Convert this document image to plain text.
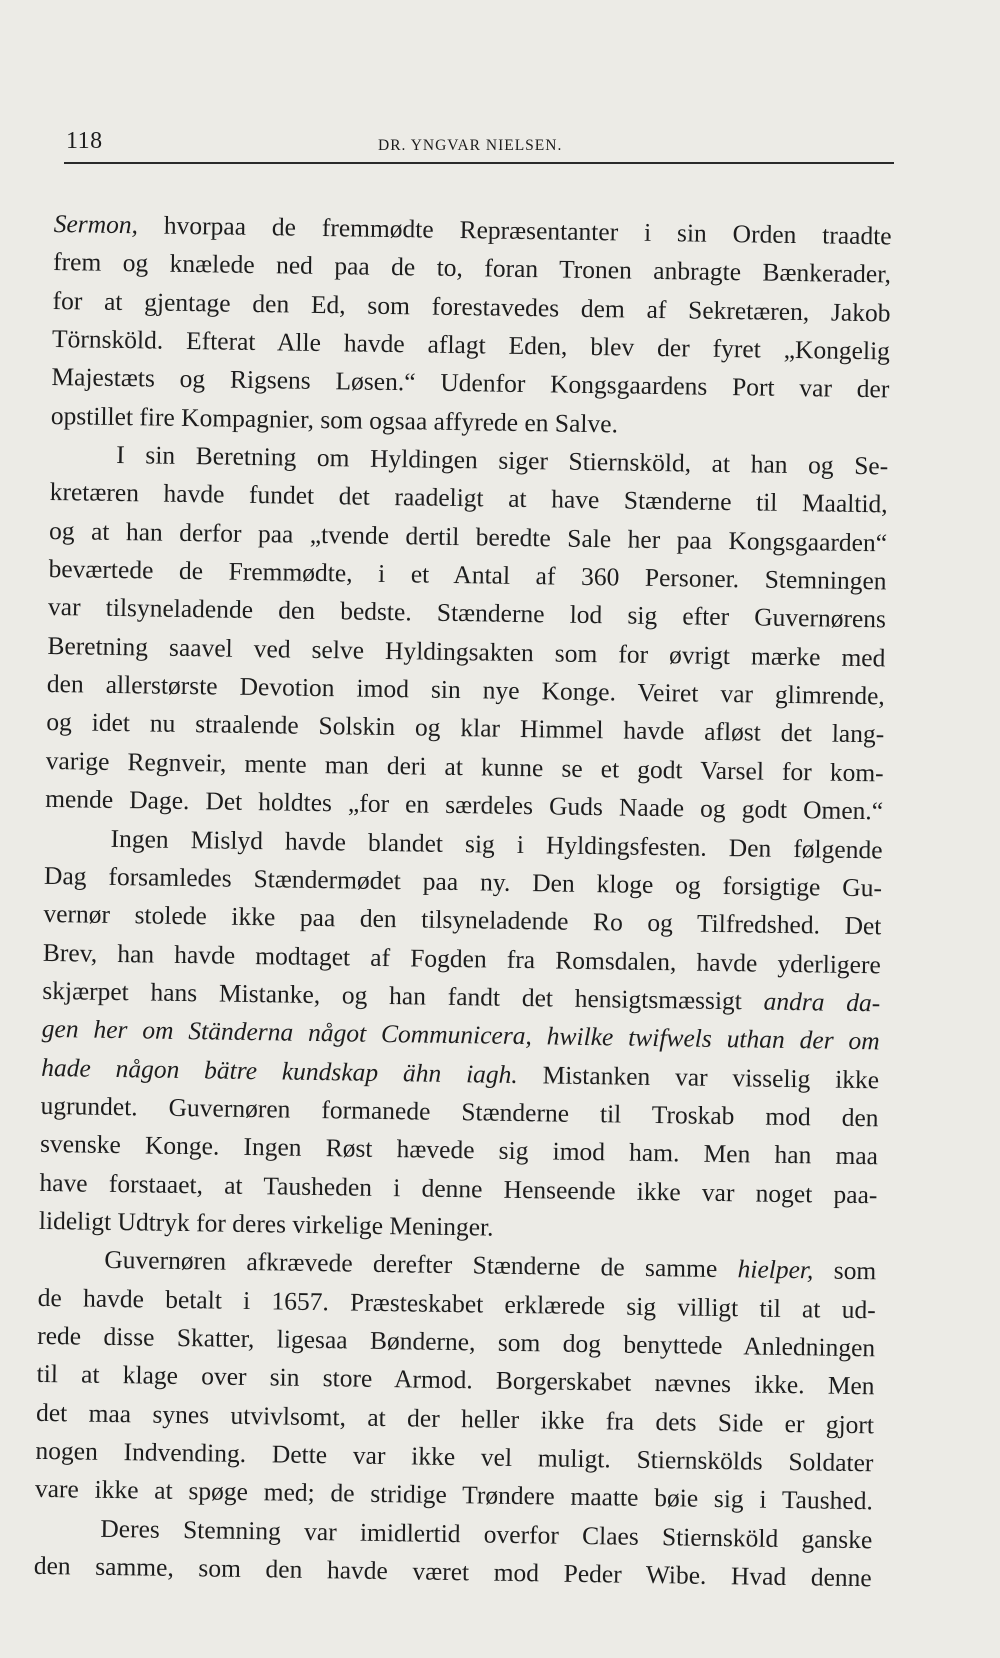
118	DR. YNGVAR NIELSEN.
Sermon, hvorpaa de fremmødte Repræsentanter i sin Orden traadte
frem og knælede ned paa de to, foran Tronen anbragte Bænkerader,
for at gjentage den Ed, som forestavedes dem af Sekretæren, Jakob
Törnsköld. Efterat Alle havde aflagt Eden, blev der fyret „Kongelig
Majestæts og Rigsens Løsen.“ Udenfor Kongsgaardens Port var der
opstillet fire Kompagnier, som ogsaa affyrede en Salve.
I sin Beretning om Hyldingen siger Stiernsköld, at han og Se-
kretæren havde fundet det raadeligt at have Stænderne til Maaltid,
og at han derfor paa „tvende dertil beredte Sale her paa Kongsgaarden“
beværtede de Fremmødte, i et Antal af 360 Personer. Stemningen
var tilsyneladende den bedste. Stænderne lod sig efter Guvernørens
Beretning saavel ved selve Hyldingsakten som for øvrigt mærke med
den allerstørste Devotion imod sin nye Konge. Veiret var glimrende,
og idet nu straalende Solskin og klar Himmel havde afløst det lang-
varige Regnveir, mente man deri at kunne se et godt Varsel for kom-
mende Dage. Det holdtes „for en særdeles Guds Naade og godt Omen.“
Ingen Mislyd havde blandet sig i Hyldingsfesten. Den følgende
Dag forsamledes Stændermødet paa ny. Den kloge og forsigtige Gu-
vernør stolede ikke paa den tilsyneladende Ro og Tilfredshed. Det
Brev, han havde modtaget af Fogden fra Romsdalen, havde yderligere
skjærpet hans Mistanke, og han fandt det hensigtsmæssigt andra da-
gen her om Ständerna något Communicera, hwilke twifwels uthan der om
hade någon bätre kundskap ähn iagh. Mistanken var visselig ikke
ugrundet. Guvernøren formanede Stænderne til Troskab mod den
svenske Konge. Ingen Røst hævede sig imod ham. Men han maa
have forstaaet, at Tausheden i denne Henseende ikke var noget paa-
lideligt Udtryk for deres virkelige Meninger.
Guvernøren afkrævede derefter Stænderne de samme hielper, som
de havde betalt i 1657. Præsteskabet erklærede sig villigt til at ud-
rede disse Skatter, ligesaa Bønderne, som dog benyttede Anledningen
til at klage over sin store Armod. Borgerskabet nævnes ikke. Men
det maa synes utvivlsomt, at der heller ikke fra dets Side er gjort
nogen Indvending. Dette var ikke vel muligt. Stiernskölds Soldater
vare ikke at spøge med; de stridige Trøndere maatte bøie sig i Taushed.
Deres Stemning var imidlertid overfor Claes Stiernsköld ganske
den samme, som den havde været mod Peder Wibe. Hvad denne
